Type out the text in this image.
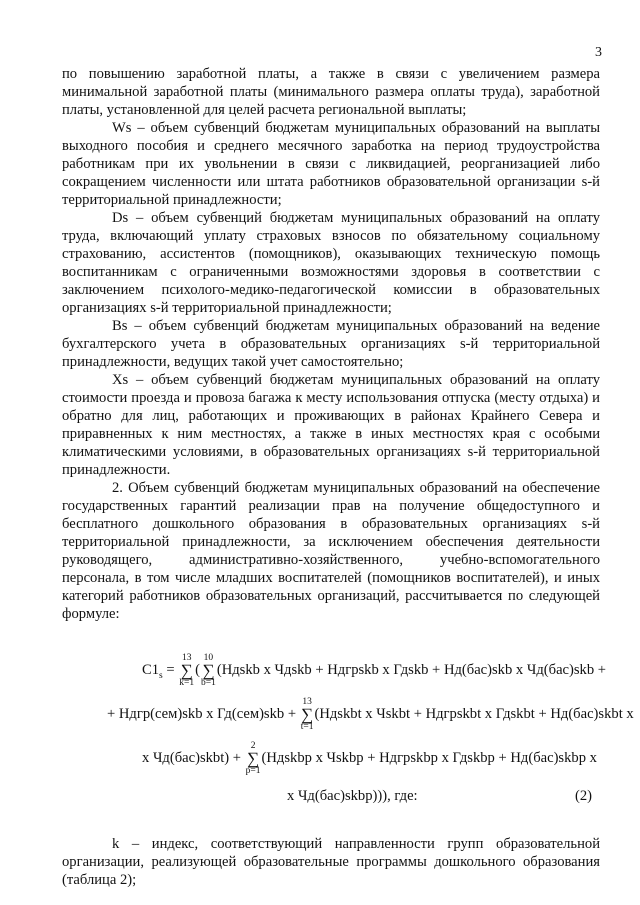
3

по повышению заработной платы, а также в связи с увеличением размера минимальной заработной платы (минимального размера оплаты труда), заработной платы, установленной для целей расчета региональной выплаты;

Ws – объем субвенций бюджетам муниципальных образований на выплаты выходного пособия и среднего месячного заработка на период трудоустройства работникам при их увольнении в связи с ликвидацией, реорганизацией либо сокращением численности или штата работников образовательной организации s-й территориальной принадлежности;

Ds – объем субвенций бюджетам муниципальных образований на оплату труда, включающий уплату страховых взносов по обязательному социальному страхованию, ассистентов (помощников), оказывающих техническую помощь воспитанникам с ограниченными возможностями здоровья в соответствии с заключением психолого-медико-педагогической комиссии в образовательных организациях s-й территориальной принадлежности;

Bs – объем субвенций бюджетам муниципальных образований на ведение бухгалтерского учета в образовательных организациях s-й территориальной принадлежности, ведущих такой учет самостоятельно;

Xs – объем субвенций бюджетам муниципальных образований на оплату стоимости проезда и провоза багажа к месту использования отпуска (месту отдыха) и обратно для лиц, работающих и проживающих в районах Крайнего Севера и приравненных к ним местностях, а также в иных местностях края с особыми климатическими условиями, в образовательных организациях s-й территориальной принадлежности.

2. Объем субвенций бюджетам муниципальных образований на обеспечение государственных гарантий реализации прав на получение общедоступного и бесплатного дошкольного образования в образовательных организациях s-й территориальной принадлежности, за исключением обеспечения деятельности руководящего, административно-хозяйственного, учебно-вспомогательного персонала, в том числе младших воспитателей (помощников воспитателей), и иных категорий работников образовательных организаций, рассчитывается по следующей формуле:

$C1_s$ =
13
∑
k=1
(
10
∑
b=1
(Ндskb x Чдskb + Ндгрskb x Гдskb + Нд(бас)skb x Чд(бас)skb +
+ Ндгр(сем)skb x Гд(сем)skb +
13
∑
t=1
(Ндskbt x Чskbt + Ндгрskbt x Гдskbt + Нд(бас)skbt x
x Чд(бас)skbt) +
2
∑
p=1
(Ндskbp x Чskbp + Ндгрskbp x Гдskbp + Нд(бас)skbp x
x Чд(бас)skbp))), где:	(2)

k – индекс, соответствующий направленности групп образовательной организации, реализующей образовательные программы дошкольного образования (таблица 2);
